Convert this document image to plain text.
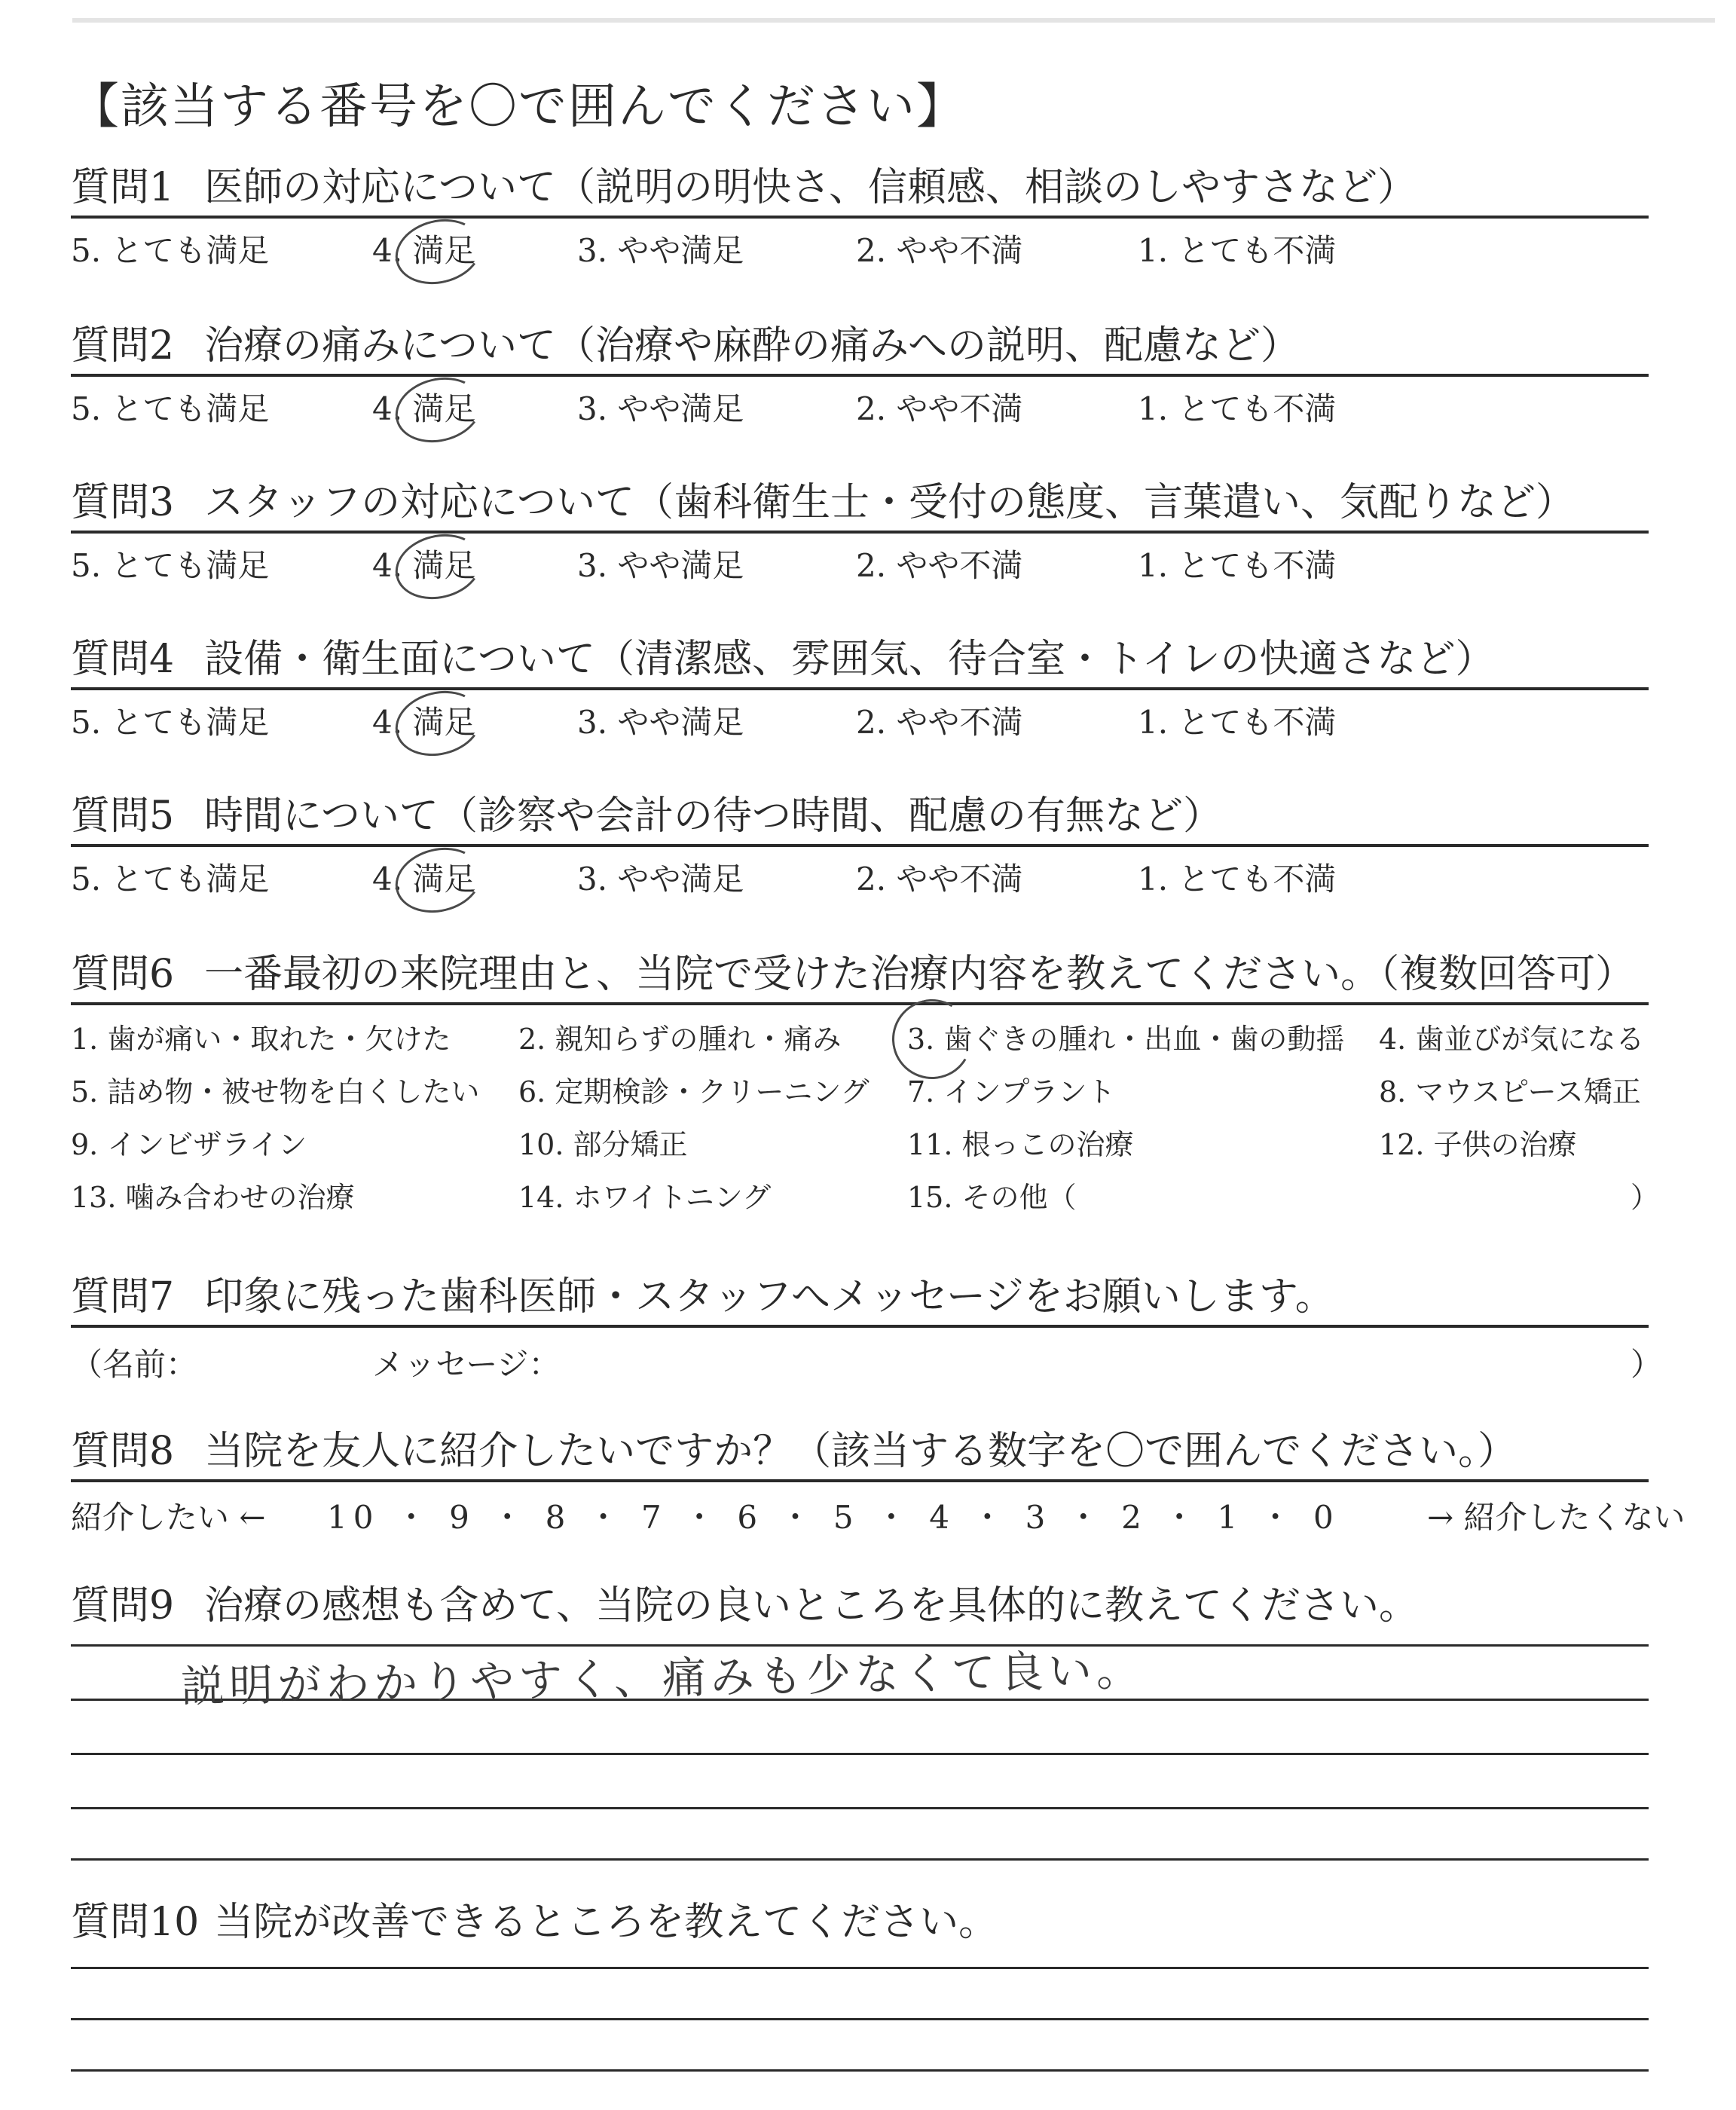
【該当する番号を〇で囲んでください】
質問1 医師の対応について（説明の明快さ、信頼感、相談のしやすさなど）
5. とても満足	4. 満足	3. やや満足	2. やや不満	1. とても不満
質問2 治療の痛みについて（治療や麻酔の痛みへの説明、配慮など）
5. とても満足	4. 満足	3. やや満足	2. やや不満	1. とても不満
質問3 スタッフの対応について（歯科衛生士・受付の態度、言葉遣い、気配りなど）
5. とても満足	4. 満足	3. やや満足	2. やや不満	1. とても不満
質問4 設備・衛生面について（清潔感、雰囲気、待合室・トイレの快適さなど）
5. とても満足	4. 満足	3. やや満足	2. やや不満	1. とても不満
質問5 時間について（診察や会計の待つ時間、配慮の有無など）
5. とても満足	4. 満足	3. やや満足	2. やや不満	1. とても不満
質問6 一番最初の来院理由と、当院で受けた治療内容を教えてください。（複数回答可）
1. 歯が痛い・取れた・欠けた 2. 親知らずの腫れ・痛み 3. 歯ぐきの腫れ・出血・歯の動揺 4. 歯並びが気になる
5. 詰め物・被せ物を白くしたい 6. 定期検診・クリーニング 7. インプラント	8. マウスピース矯正
9. インビザライン	10. 部分矯正	11. 根っこの治療	12. 子供の治療
13. 噛み合わせの治療	14. ホワイトニング	15. その他（	）
質問7 印象に残った歯科医師・スタッフへメッセージをお願いします。
（名前：	メッセージ：	）
質問8 当院を友人に紹介したいですか？（該当する数字を〇で囲んでください。）
紹介したい ← 10 ・ 9 ・ 8 ・ 7 ・ 6 ・ 5 ・ 4 ・ 3 ・ 2 ・ 1 ・ 0	→ 紹介したくない
質問9 治療の感想も含めて、当院の良いところを具体的に教えてください。
説明がわかりやすく、痛みも少なくて良い。
質問10 当院が改善できるところを教えてください。
